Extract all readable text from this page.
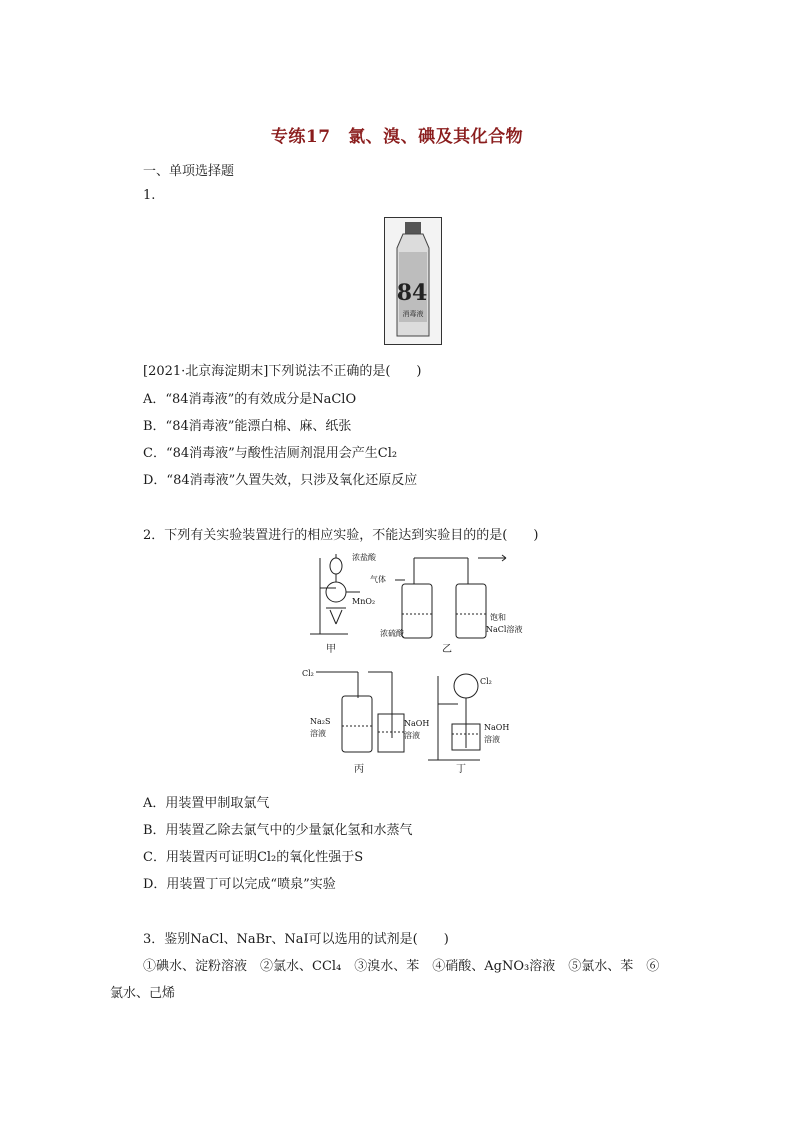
专练17　氯、溴、碘及其化合物
一、单项选择题
1.
84
消毒液
[2021·北京海淀期末]下列说法不正确的是(　　)
A．“84消毒液”的有效成分是NaClO
B．“84消毒液”能漂白棉、麻、纸张
C．“84消毒液”与酸性洁厕剂混用会产生Cl₂
D．“84消毒液”久置失效，只涉及氧化还原反应
2．下列有关实验装置进行的相应实验，不能达到实验目的的是(　　)
浓盐酸
MnO₂
甲
气体
浓硫酸
饱和
NaCl溶液
乙
Cl₂
Na₂S
溶液
NaOH
溶液
丙
Cl₂
NaOH
溶液
丁
A．用装置甲制取氯气
B．用装置乙除去氯气中的少量氯化氢和水蒸气
C．用装置丙可证明Cl₂的氧化性强于S
D．用装置丁可以完成“喷泉”实验
3．鉴别NaCl、NaBr、NaI可以选用的试剂是(　　)
①碘水、淀粉溶液　②氯水、CCl₄　③溴水、苯　④硝酸、AgNO₃溶液　⑤氯水、苯　⑥
氯水、己烯
